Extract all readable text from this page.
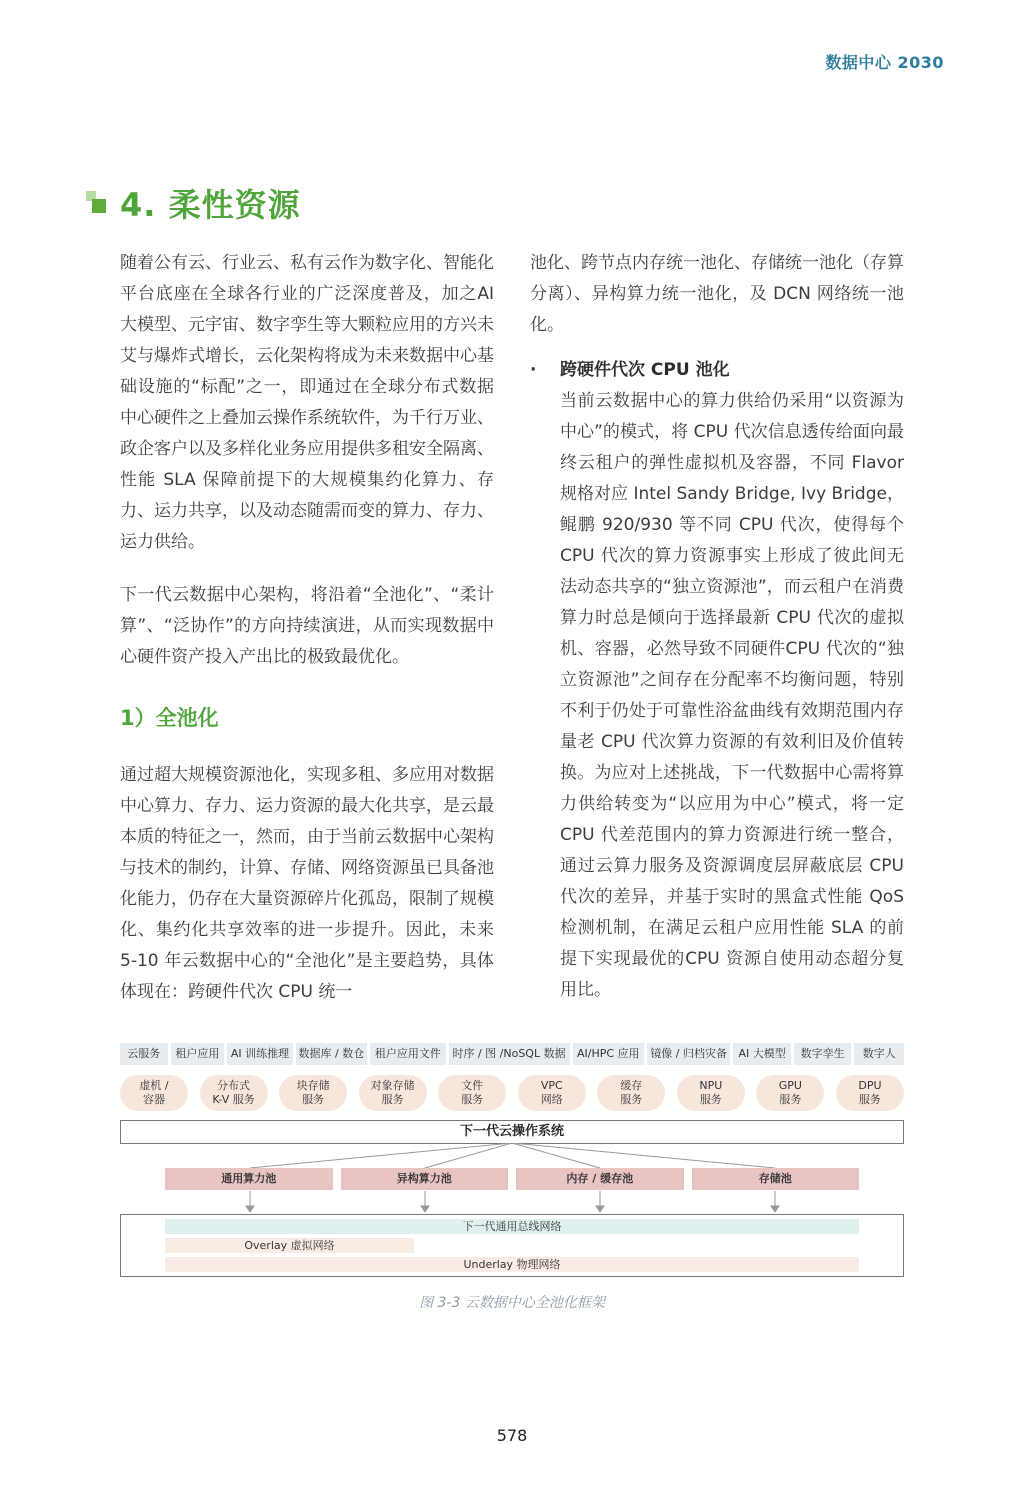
数据中心 2030
4. 柔性资源

随着公有云、行业云、私有云作为数字化、智能化平台底座在全球各行业的广泛深度普及，加之AI 大模型、元宇宙、数字孪生等大颗粒应用的方兴未艾与爆炸式增长，云化架构将成为未来数据中心基础设施的“标配”之一，即通过在全球分布式数据中心硬件之上叠加云操作系统软件，为千行万业、政企客户以及多样化业务应用提供多租安全隔离、性能 SLA 保障前提下的大规模集约化算力、存力、运力共享，以及动态随需而变的算力、存力、运力供给。

下一代云数据中心架构，将沿着“全池化”、“柔计算”、“泛协作”的方向持续演进，从而实现数据中心硬件资产投入产出比的极致最优化。

1）全池化

通过超大规模资源池化，实现多租、多应用对数据中心算力、存力、运力资源的最大化共享，是云最本质的特征之一，然而，由于当前云数据中心架构与技术的制约，计算、存储、网络资源虽已具备池化能力，仍存在大量资源碎片化孤岛，限制了规模化、集约化共享效率的进一步提升。因此，未来 5-10 年云数据中心的“全池化”是主要趋势，具体体现在：跨硬件代次 CPU 统一

池化、跨节点内存统一池化、存储统一池化（存算分离）、异构算力统一池化，及 DCN 网络统一池化。

·	跨硬件代次 CPU 池化

当前云数据中心的算力供给仍采用“以资源为中心”的模式，将 CPU 代次信息透传给面向最终云租户的弹性虚拟机及容器，不同 Flavor 规格对应 Intel Sandy Bridge, Ivy Bridge，鲲鹏 920/930 等不同 CPU 代次，使得每个 CPU 代次的算力资源事实上形成了彼此间无法动态共享的“独立资源池”，而云租户在消费算力时总是倾向于选择最新 CPU 代次的虚拟机、容器，必然导致不同硬件CPU 代次的“独立资源池”之间存在分配率不均衡问题，特别不利于仍处于可靠性浴盆曲线有效期范围内存量老 CPU 代次算力资源的有效利旧及价值转换。为应对上述挑战，下一代数据中心需将算力供给转变为“以应用为中心”模式，将一定 CPU 代差范围内的算力资源进行统一整合，通过云算力服务及资源调度层屏蔽底层 CPU 代次的差异，并基于实时的黑盒式性能 QoS 检测机制，在满足云租户应用性能 SLA 的前提下实现最优的CPU 资源自使用动态超分复用比。

云服务	租户应用	AI 训练推理 数据库 / 数仓 租户应用文件	时序 / 图 /NoSQL 数据	AI/HPC 应用 镜像 / 归档灾备	AI 大模型	数字孪生	数字人
虚机 /
容器
分布式
K-V 服务
块存储
服务
对象存储
服务
文件
服务
VPC
网络
缓存
服务
NPU
服务
GPU
服务
DPU
服务
下一代云操作系统
通用算力池	异构算力池	内存 / 缓存池	存储池
下一代通用总线网络
Overlay 虚拟网络
Underlay 物理网络
图 3-3 云数据中心全池化框架
578
